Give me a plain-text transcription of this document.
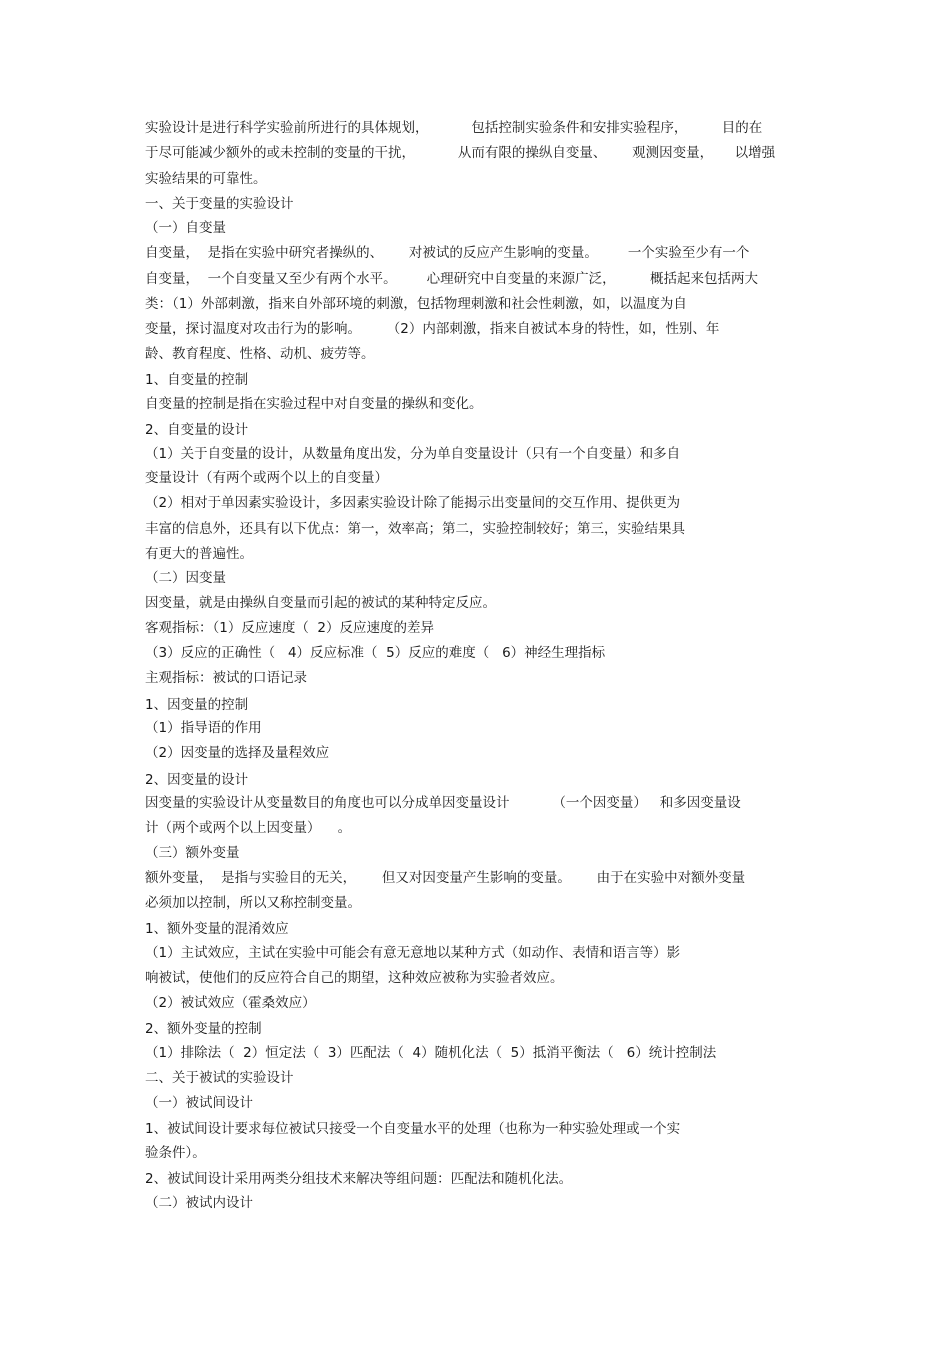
实验设计是进行科学实验前所进行的具体规划，          包括控制实验条件和安排实验程序，        目的在
于尽可能减少额外的或未控制的变量的干扰，          从而有限的操纵自变量、      观测因变量，     以增强
实验结果的可靠性。
一、关于变量的实验设计
（一）自变量
自变量，  是指在实验中研究者操纵的、      对被试的反应产生影响的变量。       一个实验至少有一个
自变量，  一个自变量又至少有两个水平。       心理研究中自变量的来源广泛，        概括起来包括两大
类：（1）外部刺激，指来自外部环境的刺激，包括物理刺激和社会性刺激，如，以温度为自
变量，探讨温度对攻击行为的影响。      （2）内部刺激，指来自被试本身的特性，如，性别、年
龄、教育程度、性格、动机、疲劳等。
1、自变量的控制
自变量的控制是指在实验过程中对自变量的操纵和变化。
2、自变量的设计
（1）关于自变量的设计，从数量角度出发，分为单自变量设计（只有一个自变量）和多自
变量设计（有两个或两个以上的自变量）
（2）相对于单因素实验设计，多因素实验设计除了能揭示出变量间的交互作用、提供更为
丰富的信息外，还具有以下优点：第一，效率高；第二，实验控制较好；第三，实验结果具
有更大的普遍性。
（二）因变量
因变量，就是由操纵自变量而引起的被试的某种特定反应。
客观指标：（1）反应速度（  2）反应速度的差异
（3）反应的正确性（   4）反应标准（  5）反应的难度（   6）神经生理指标
主观指标：被试的口语记录
1、因变量的控制
（1）指导语的作用
（2）因变量的选择及量程效应
2、因变量的设计
因变量的实验设计从变量数目的角度也可以分成单因变量设计          （一个因变量）   和多因变量设
计（两个或两个以上因变量）    。
（三）额外变量
额外变量，  是指与实验目的无关，      但又对因变量产生影响的变量。      由于在实验中对额外变量
必须加以控制，所以又称控制变量。
1、额外变量的混淆效应
（1）主试效应，主试在实验中可能会有意无意地以某种方式（如动作、表情和语言等）影
响被试，使他们的反应符合自己的期望，这种效应被称为实验者效应。
（2）被试效应（霍桑效应）
2、额外变量的控制
（1）排除法（  2）恒定法（  3）匹配法（  4）随机化法（  5）抵消平衡法（   6）统计控制法
二、关于被试的实验设计
（一）被试间设计
1、被试间设计要求每位被试只接受一个自变量水平的处理（也称为一种实验处理或一个实
验条件）。
2、被试间设计采用两类分组技术来解决等组问题：匹配法和随机化法。
（二）被试内设计
